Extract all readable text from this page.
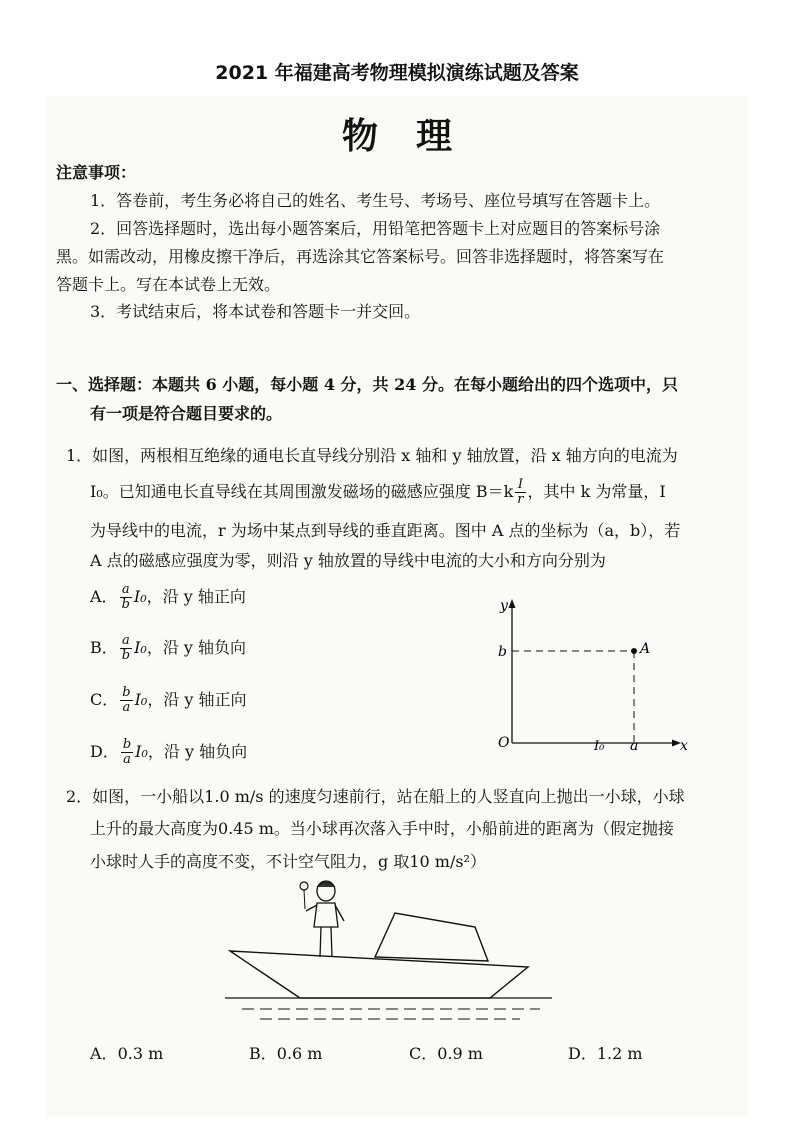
2021 年福建高考物理模拟演练试题及答案
物理
注意事项：
1．答卷前，考生务必将自己的姓名、考生号、考场号、座位号填写在答题卡上。
2．回答选择题时，选出每小题答案后，用铅笔把答题卡上对应题目的答案标号涂
黑。如需改动，用橡皮擦干净后，再选涂其它答案标号。回答非选择题时，将答案写在
答题卡上。写在本试卷上无效。
3．考试结束后，将本试卷和答题卡一并交回。
一、选择题：本题共 6 小题，每小题 4 分，共 24 分。在每小题给出的四个选项中，只
有一项是符合题目要求的。
1．如图，两根相互绝缘的通电长直导线分别沿 x 轴和 y 轴放置，沿 x 轴方向的电流为
I₀。已知通电长直导线在其周围激发磁场的磁感应强度 $B=k \frac{I}{r}$ ，其中 k 为常量，I
为导线中的电流，r 为场中某点到导线的垂直距离。图中 A 点的坐标为（a，b），若
A 点的磁感应强度为零，则沿 y 轴放置的导线中电流的大小和方向分别为
A． $\frac{a}{b} I_0$，沿 y 轴正向
B． $\frac{a}{b} I_0$，沿 y 轴负向
C． $\frac{b}{a} I_0$，沿 y 轴正向
D． $\frac{b}{a} I_0$，沿 y 轴负向
y
b	A
O	I₀ a	x
2．如图，一小船以1.0 m/s 的速度匀速前行，站在船上的人竖直向上抛出一小球，小球
上升的最大高度为0.45 m。当小球再次落入手中时，小船前进的距离为（假定抛接
小球时人手的高度不变，不计空气阻力，g 取10 m/s²）
A．0.3 m	B．0.6 m	C．0.9 m	D．1.2 m
